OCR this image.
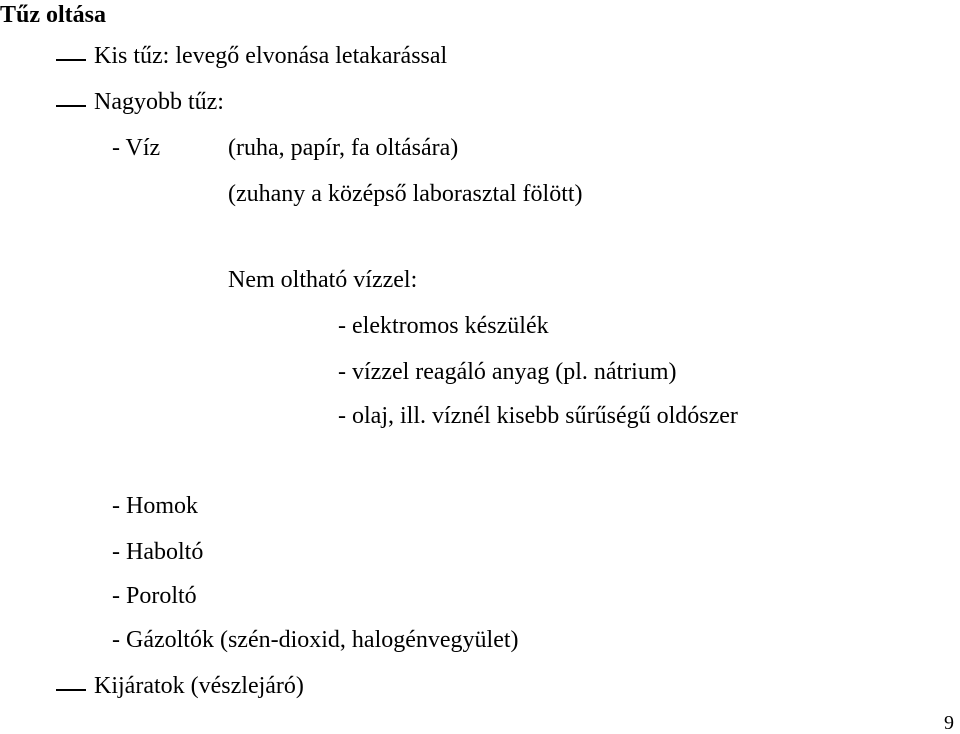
Tűz oltása
Kis tűz: levegő elvonása letakarással
Nagyobb tűz:
- Víz	(ruha, papír, fa oltására)
(zuhany a középső laborasztal fölött)
Nem oltható vízzel:
- elektromos készülék
- vízzel reagáló anyag (pl. nátrium)
- olaj, ill. víznél kisebb sűrűségű oldószer
- Homok
- Haboltó
- Poroltó
- Gázoltók (szén-dioxid, halogénvegyület)
Kijáratok (vészlejáró)
9
